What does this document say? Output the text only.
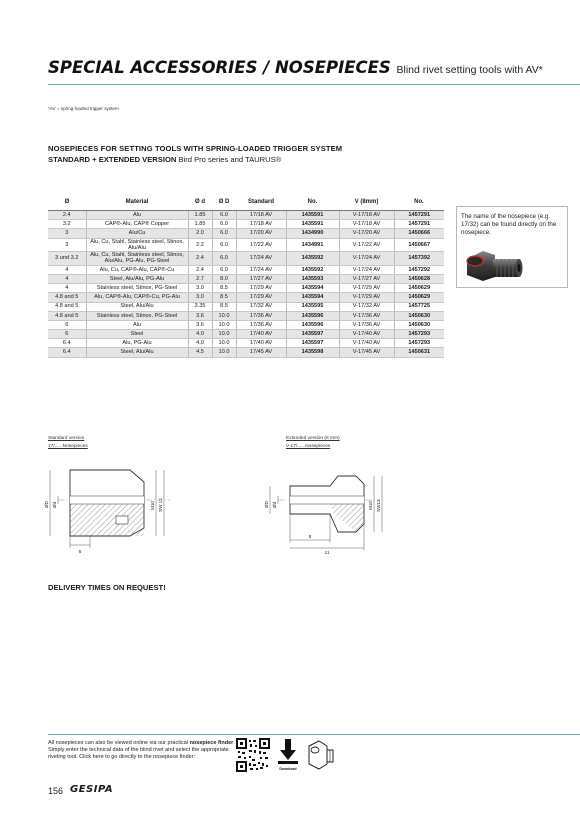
SPECIAL ACCESSORIES / NOSEPIECES Blind rivet setting tools with AV*
*AV = spring-loaded trigger system
NOSEPIECES FOR SETTING TOOLS WITH SPRING-LOADED TRIGGER SYSTEM
STANDARD + EXTENDED VERSION Bird Pro series and TAURUS®
Ø	Material	Ø d	Ø D	Standard	No.	V (8mm)	No.
2.4	Alu	1.85	6.0	17/18 AV	1435591	V-17/18 AV	1457291
3.2	CAP®-Alu, CAP® Copper	1.85	6.0	17/18 AV	1435591	V-17/18 AV	1457291
3	Alu/Cu	2.0	6.0	17/20 AV	1434990	V-17/20 AV	1450666
3	Alu, Cu, Stahl, Stainless steel, Stinox, Alu/Alu	2.2	6.0	17/22 AV	1434991	V-17/22 AV	1450667
3 und 3.2	Alu, Cu, Stahl, Stainless steel, Stinox, Alu/Alu, PG-Alu, PG-Steel	2.4	6.0	17/24 AV	1435592	V-17/24 AV	1457392
4	Alu, Cu, CAP®-Alu, CAP®-Cu	2.4	6.0	17/24 AV	1435592	V-17/24 AV	1457292
4	Steel, Alu/Alu, PG-Alu	2.7	8.0	17/27 AV	1435593	V-17/27 AV	1450628
4	Stainless steel, Stinox, PG-Steel	3.0	8.5	17/29 AV	1435594	V-17/29 AV	1450629
4.8 and 5	Alu, CAP®-Alu, CAP®-Cu, PG-Alu	3.0	8.5	17/29 AV	1435594	V-17/29 AV	1450629
4.8 and 5	Steel, Alu/Alu	3.35	8.5	17/32 AV	1435595	V-17/32 AV	1457725
4.8 and 5	Stainless steel, Stinox, PG-Steel	3.6	10.0	17/36 AV	1435596	V-17/36 AV	1450630
6	Alu	3.6	10.0	17/36 AV	1435596	V-17/36 AV	1450630
6	Steel	4.0	10.0	17/40 AV	1435597	V-17/40 AV	1457293
6.4	Alu, PG-Alu	4.0	10.0	17/40 AV	1435597	V-17/40 AV	1457293
6.4	Steel, Alu/Alu	4.5	10.0	17/45 AV	1435598	V-17/45 AV	1450631
The name of the nosepiece (e.g. 17/32) can be found directly on the nosepiece.
Standard version
17/......Nosepieces
5
ØD Ød	M10 SW 12
Extended version (8 mm)
V-17/......Nosepieces
8
11
ØD Ød	M10 SW12
DELIVERY TIMES ON REQUEST!
All nosepieces can also be viewed online via our practical nosepiece finder. Simply enter the technical data of the blind rivet and select the appropriate riveting tool. Click here to go directly to the nosepiece finder:
Download
156 GESIPA
